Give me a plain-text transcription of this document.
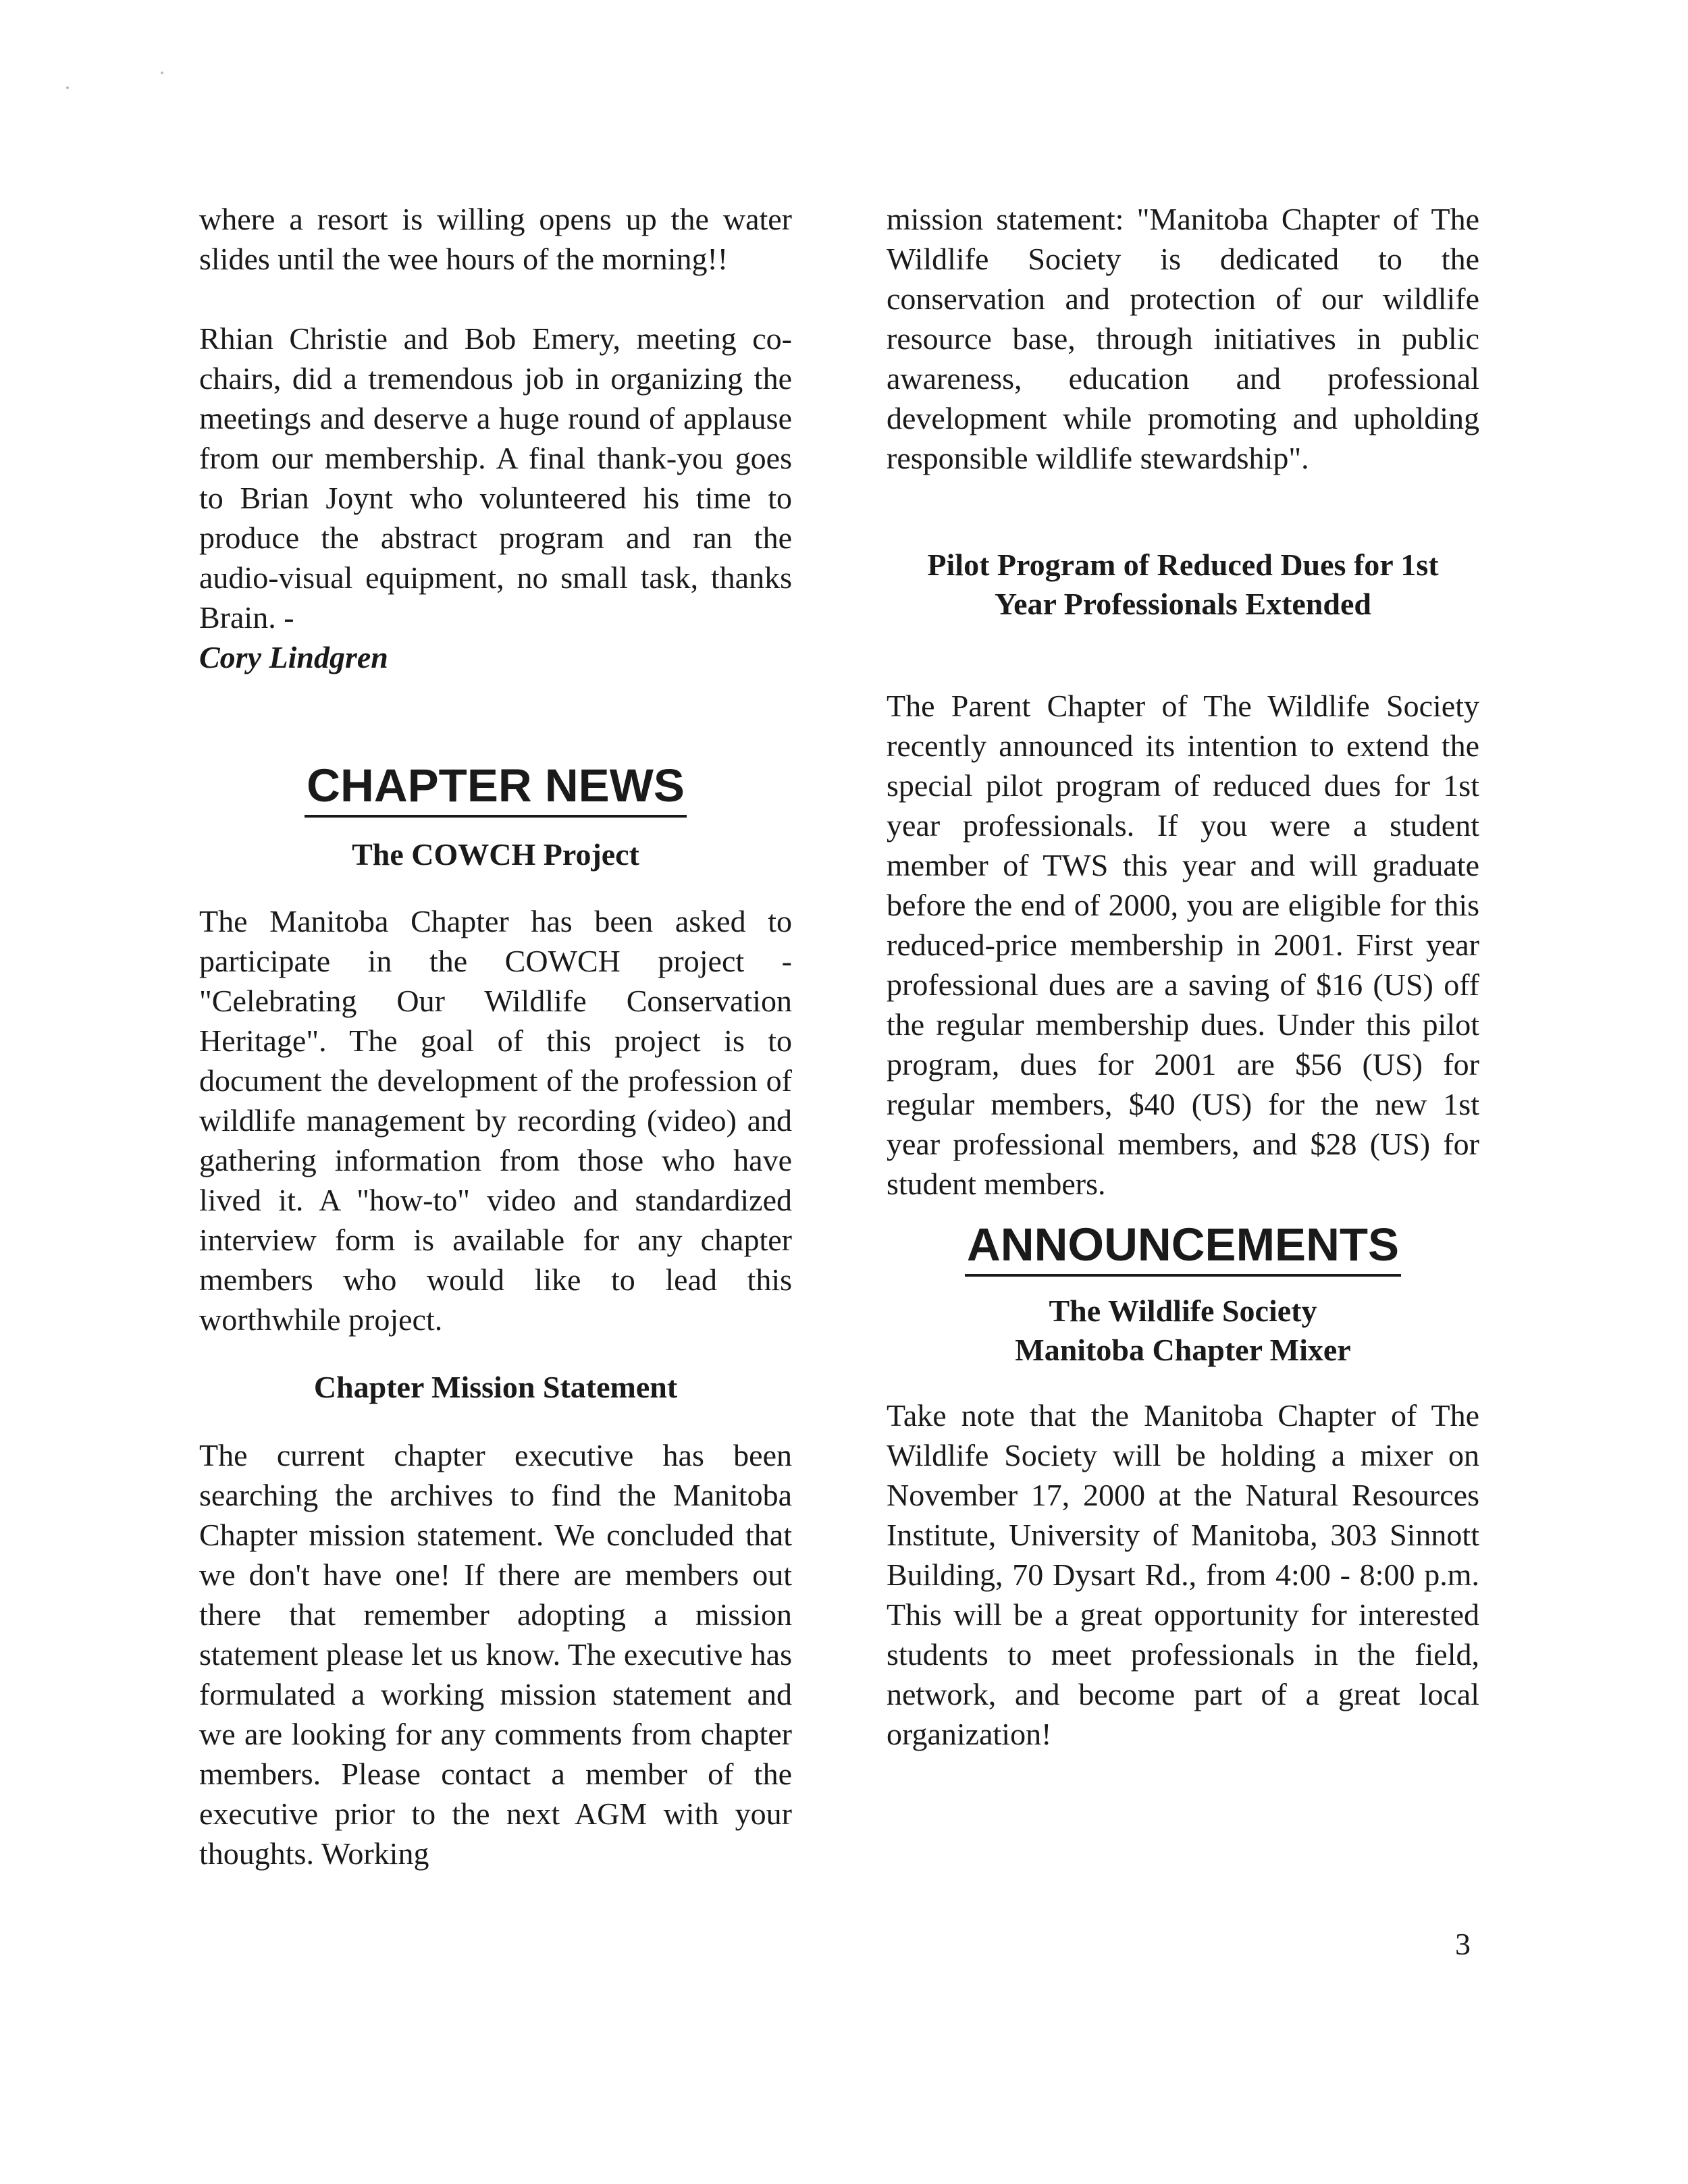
where a resort is willing opens up the water slides until the wee hours of the morning!!

Rhian Christie and Bob Emery, meeting co-chairs, did a tremendous job in organizing the meetings and deserve a huge round of applause from our membership. A final thank-you goes to Brian Joynt who volunteered his time to produce the abstract program and ran the audio-visual equipment, no small task, thanks Brain. -
Cory Lindgren

CHAPTER NEWS
The COWCH Project

The Manitoba Chapter has been asked to participate in the COWCH project - "Celebrating Our Wildlife Conservation Heritage". The goal of this project is to document the development of the profession of wildlife management by recording (video) and gathering information from those who have lived it. A "how-to" video and standardized interview form is available for any chapter members who would like to lead this worthwhile project.

Chapter Mission Statement

The current chapter executive has been searching the archives to find the Manitoba Chapter mission statement. We concluded that we don't have one! If there are members out there that remember adopting a mission statement please let us know. The executive has formulated a working mission statement and we are looking for any comments from chapter members. Please contact a member of the executive prior to the next AGM with your thoughts. Working

mission statement: "Manitoba Chapter of The Wildlife Society is dedicated to the conservation and protection of our wildlife resource base, through initiatives in public awareness, education and professional development while promoting and upholding responsible wildlife stewardship".

Pilot Program of Reduced Dues for 1st
Year Professionals Extended

The Parent Chapter of The Wildlife Society recently announced its intention to extend the special pilot program of reduced dues for 1st year professionals. If you were a student member of TWS this year and will graduate before the end of 2000, you are eligible for this reduced-price membership in 2001. First year professional dues are a saving of $16 (US) off the regular membership dues. Under this pilot program, dues for 2001 are $56 (US) for regular members, $40 (US) for the new 1st year professional members, and $28 (US) for student members.

ANNOUNCEMENTS
The Wildlife Society
Manitoba Chapter Mixer

Take note that the Manitoba Chapter of The Wildlife Society will be holding a mixer on November 17, 2000 at the Natural Resources Institute, University of Manitoba, 303 Sinnott Building, 70 Dysart Rd., from 4:00 - 8:00 p.m. This will be a great opportunity for interested students to meet professionals in the field, network, and become part of a great local organization!

3
